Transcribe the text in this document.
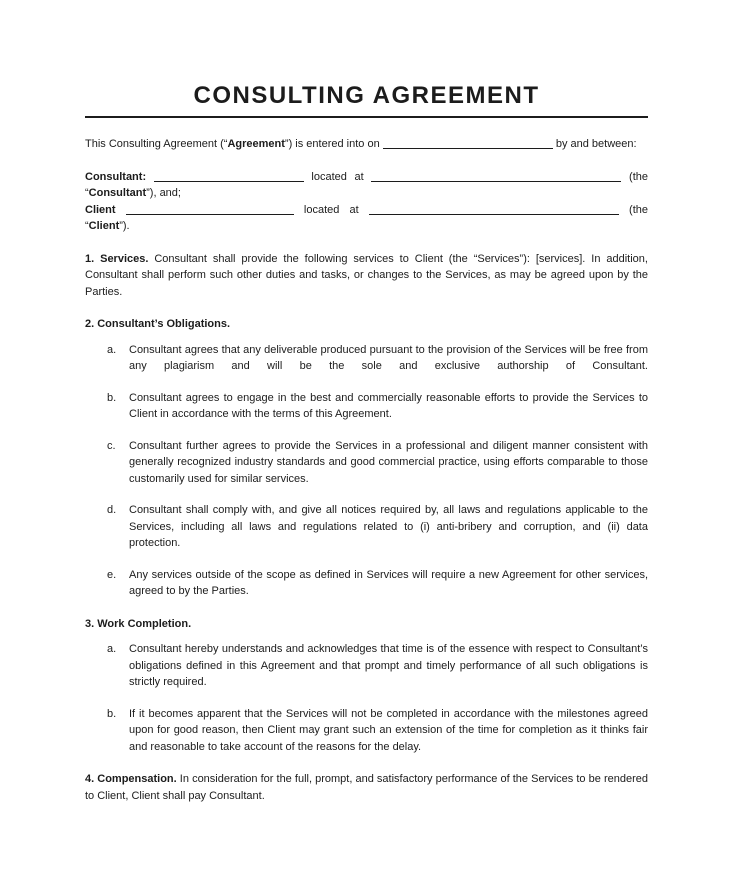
CONSULTING AGREEMENT
This Consulting Agreement (“Agreement”) is entered into on	by and between:
Consultant:	located at	(the “Consultant”), and;
Client	located at	(the “Client”).
1. Services. Consultant shall provide the following services to Client (the “Services”): [services]. In addition, Consultant shall perform such other duties and tasks, or changes to the Services, as may be agreed upon by the Parties.
2. Consultant’s Obligations.
a.	Consultant agrees that any deliverable produced pursuant to the provision of the Services will be free from any plagiarism and will be the sole and exclusive authorship of Consultant.
b.	Consultant agrees to engage in the best and commercially reasonable efforts to provide the Services to Client in accordance with the terms of this Agreement.
c.	Consultant further agrees to provide the Services in a professional and diligent manner consistent with generally recognized industry standards and good commercial practice, using efforts comparable to those customarily used for similar services.
d.	Consultant shall comply with, and give all notices required by, all laws and regulations applicable to the Services, including all laws and regulations related to (i) anti-bribery and corruption, and (ii) data protection.
e.	Any services outside of the scope as defined in Services will require a new Agreement for other services, agreed to by the Parties.
3. Work Completion.
a.	Consultant hereby understands and acknowledges that time is of the essence with respect to Consultant’s obligations defined in this Agreement and that prompt and timely performance of all such obligations is strictly required.
b.	If it becomes apparent that the Services will not be completed in accordance with the milestones agreed upon for good reason, then Client may grant such an extension of the time for completion as it thinks fair and reasonable to take account of the reasons for the delay.
4. Compensation. In consideration for the full, prompt, and satisfactory performance of the Services to be rendered to Client, Client shall pay Consultant.
